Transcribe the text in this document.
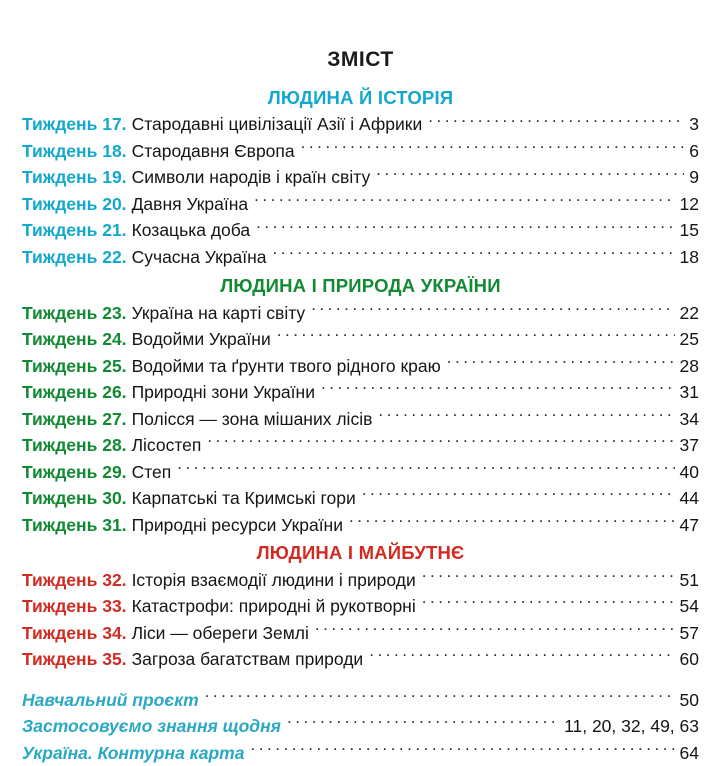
ЗМІСТ
ЛЮДИНА Й ІСТОРІЯ
Тиждень 17. Стародавні цивілізації Азії і Африки . . .	3
Тиждень 18. Стародавня Європа . . .	6
Тиждень 19. Символи народів і країн світу . . .	9
Тиждень 20. Давня Україна . . .	12
Тиждень 21. Козацька доба . . .	15
Тиждень 22. Сучасна Україна . . .	18
ЛЮДИНА І ПРИРОДА УКРАЇНИ
Тиждень 23. Україна на карті світу . . .	22
Тиждень 24. Водойми України . . .	25
Тиждень 25. Водойми та ґрунти твого рідного краю . . .	28
Тиждень 26. Природні зони України . . .	31
Тиждень 27. Полісся — зона мішаних лісів . . .	34
Тиждень 28. Лісостеп . . .	37
Тиждень 29. Степ . . .	40
Тиждень 30. Карпатські та Кримські гори . . .	44
Тиждень 31. Природні ресурси України . . .	47
ЛЮДИНА І МАЙБУТНЄ
Тиждень 32. Історія взаємодії людини і природи . . .	51
Тиждень 33. Катастрофи: природні й рукотворні . . .	54
Тиждень 34. Ліси — обереги Землі . . .	57
Тиждень 35. Загроза багатствам природи . . .	60
Навчальний проєкт . . .	50
Застосовуємо знання щодня . . .	11, 20, 32, 49, 63
Україна. Контурна карта . . .	64
